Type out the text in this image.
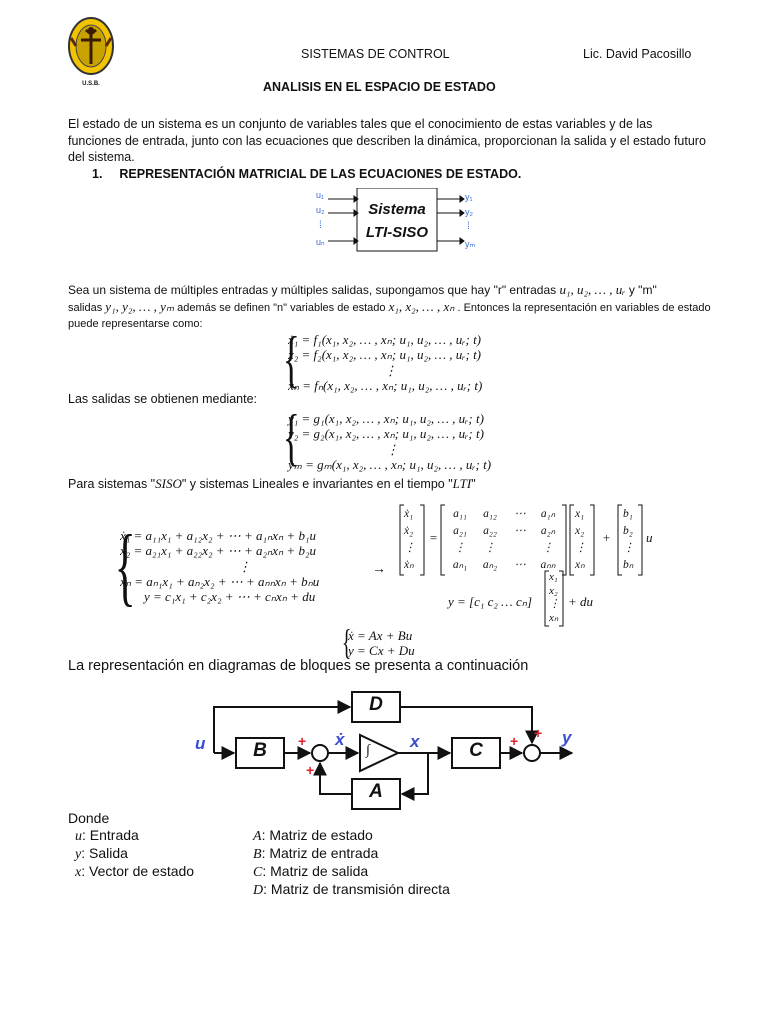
U.S.B.
SISTEMAS DE CONTROL	Lic. David Pacosillo
ANALISIS EN EL ESPACIO DE ESTADO
El estado de un sistema es un conjunto de variables tales que el conocimiento de estas variables y de las funciones de entrada, junto con las ecuaciones que describen la dinámica, proporcionan la salida y el estado futuro del sistema.
1. REPRESENTACIÓN MATRICIAL DE LAS ECUACIONES DE ESTADO.
Sistema
LTI-SISO
u₁
u₂
⁞
uₙ
y₁
y₂
⁞
yₘ
Sea un sistema de múltiples entradas y múltiples salidas, supongamos que hay "r" entradas u₁, u₂, … , uᵣ y "m"
salidas y₁, y₂, … , yₘ además se definen "n" variables de estado x₁, x₂, … , xₙ . Entonces la representación en variables de estado puede representarse como:	{
ẋ₁ = f₁(x₁, x₂, … , xₙ; u₁, u₂, … , uᵣ; t)
ẋ₂ = f₂(x₁, x₂, … , xₙ; u₁, u₂, … , uᵣ; t)
⋮
ẋₙ = fₙ(x₁, x₂, … , xₙ; u₁, u₂, … , uᵣ; t)
Las salidas se obtienen mediante:
{
y₁ = g₁(x₁, x₂, … , xₙ; u₁, u₂, … , uᵣ; t)
y₂ = g₂(x₁, x₂, … , xₙ; u₁, u₂, … , uᵣ; t)
⋮
yₘ = gₘ(x₁, x₂, … , xₙ; u₁, u₂, … , uᵣ; t)
Para sistemas "SISO" y sistemas Lineales e invariantes en el tiempo "LTI"
{
ẋ₁ = a₁₁x₁ + a₁₂x₂ + ⋯ + a₁ₙxₙ + b₁u
ẋ₂ = a₂₁x₁ + a₂₂x₂ + ⋯ + a₂ₙxₙ + b₂u
⋮
ẋₙ = aₙ₁x₁ + aₙ₂x₂ + ⋯ + aₙₙxₙ + bₙu
y = c₁x₁ + c₂x₂ + ⋯ + cₙxₙ + du
→
ẋ₁
ẋ₂
⋮
ẋₙ
=
a₁₁	a₁₂	⋯	a₁ₙ
a₂₁	a₂₂	⋯	a₂ₙ
⋮	⋮	⋮
aₙ₁	aₙ₂	⋯	aₙₙ
x₁
x₂
⋮
xₙ
+
b₁
b₂
⋮
bₙ
u
y = [c₁ c₂ … cₙ]
x₁
x₂
⋮
xₙ
+ du
{
ẋ = Ax + Bu
y = Cx + Du
La representación en diagramas de bloques se presenta a continuación
D
B	C
A
∫
u	ẋ	x	y
+
+
+ +
Donde
u: Entrada
y: Salida
x: Vector de estado
A: Matriz de estado
B: Matriz de entrada
C: Matriz de salida
D: Matriz de transmisión directa
